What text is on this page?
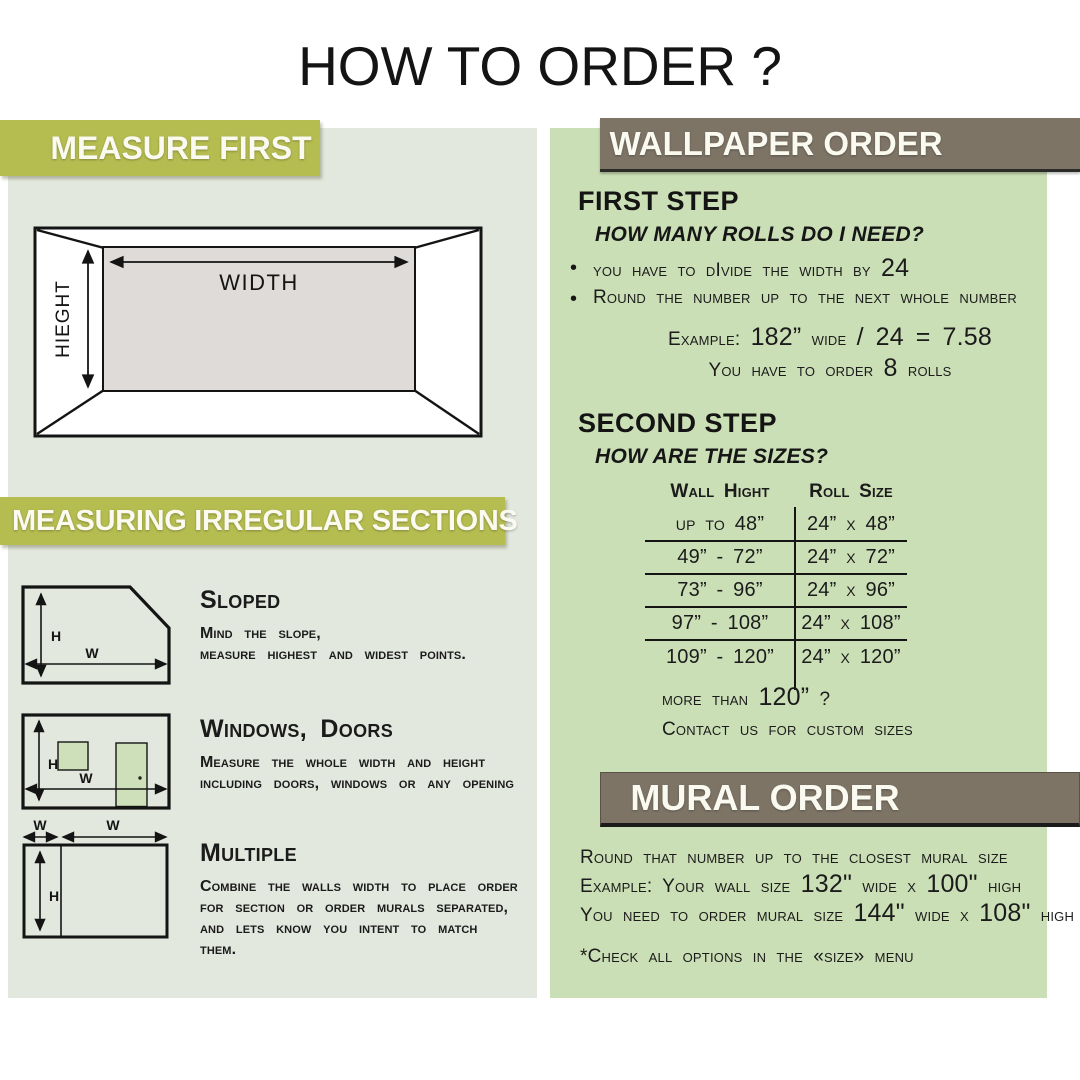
HOW TO ORDER ?
MEASURE FIRST
WIDTH
HIEGHT
MEASURING IRREGULAR SECTIONS
H
W
Sloped
Mind the slope,
measure highest and widest points.
H
W
Windows, Doors
Measure the whole width and height
including doors, windows or any opening
W	W
H
Multiple
Combine the walls width to place order
for section or order murals separated,
and lets know you intent to match them.
WALLPAPER ORDER
FIRST STEP
HOW MANY ROLLS DO I NEED?
• you have to dIvide the width by 24
• Round the number up to the next whole number
Example: 182” wide / 24 = 7.58
You have to order 8 rolls
SECOND STEP
HOW ARE THE SIZES?
Wall Hight	Roll Size
up to 48”	24” x 48”
49” - 72”	24” x 72”
73” - 96”	24” x 96”
97” - 108”	24” x 108”
109” - 120”	24” x 120”
more than 120” ?
Contact us for custom sizes
MURAL ORDER
Round that number up to the closest mural size
Example: Your wall size 132" wide x 100" high
You need to order mural size 144" wide x 108" high
*Check all options in the «size» menu
